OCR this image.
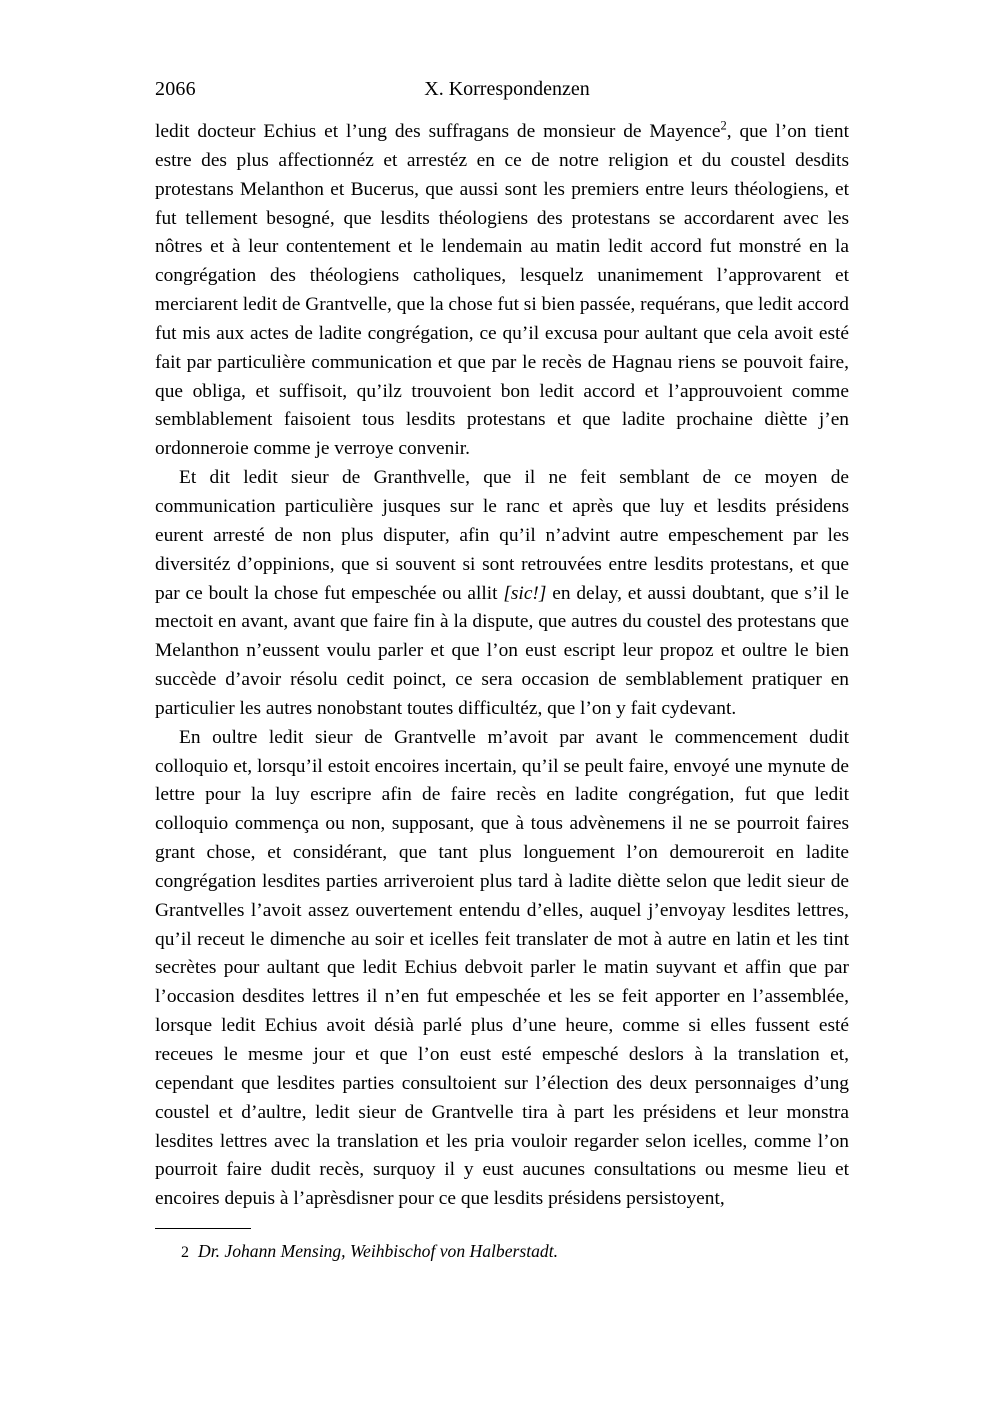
2066	X. Korrespondenzen

ledit docteur Echius et l’ung des suffragans de monsieur de Mayence$^2$, que l’on tient estre des plus affectionnéz et arrestéz en ce de notre religion et du coustel desdits protestans Melanthon et Bucerus, que aussi sont les premiers entre leurs théologiens, et fut tellement besogné, que lesdits théologiens des protestans se accordarent avec les nôtres et à leur contentement et le lendemain au matin ledit accord fut monstré en la congrégation des théologiens catholiques, lesquelz unanimement l’approvarent et merciarent ledit de Grantvelle, que la chose fut si bien passée, requérans, que ledit accord fut mis aux actes de ladite congrégation, ce qu’il excusa pour aultant que cela avoit esté fait par particulière communication et que par le recès de Hagnau riens se pouvoit faire, que obliga, et suffisoit, qu’ilz trouvoient bon ledit accord et l’approuvoient comme semblablement faisoient tous lesdits protestans et que ladite prochaine diètte j’en ordonneroie comme je verroye convenir.

Et dit ledit sieur de Granthvelle, que il ne feit semblant de ce moyen de communication particulière jusques sur le ranc et après que luy et lesdits présidens eurent arresté de non plus disputer, afin qu’il n’advint autre empeschement par les diversitéz d’oppinions, que si souvent si sont retrouvées entre lesdits protestans, et que par ce boult la chose fut empeschée ou allit [sic!] en delay, et aussi doubtant, que s’il le mectoit en avant, avant que faire fin à la dispute, que autres du coustel des protestans que Melanthon n’eussent voulu parler et que l’on eust escript leur propoz et oultre le bien succède d’avoir résolu cedit poinct, ce sera occasion de semblablement pratiquer en particulier les autres nonobstant toutes difficultéz, que l’on y fait cydevant.

En oultre ledit sieur de Grantvelle m’avoit par avant le commencement dudit colloquio et, lorsqu’il estoit encoires incertain, qu’il se peult faire, envoyé une mynute de lettre pour la luy escripre afin de faire recès en ladite congrégation, fut que ledit colloquio commença ou non, supposant, que à tous advènemens il ne se pourroit faires grant chose, et considérant, que tant plus longuement l’on demoureroit en ladite congrégation lesdites parties arriveroient plus tard à ladite diètte selon que ledit sieur de Grantvelles l’avoit assez ouvertement entendu d’elles, auquel j’envoyay lesdites lettres, qu’il receut le dimenche au soir et icelles feit translater de mot à autre en latin et les tint secrètes pour aultant que ledit Echius debvoit parler le matin suyvant et affin que par l’occasion desdites lettres il n’en fut empeschée et les se feit apporter en l’assemblée, lorsque ledit Echius avoit désià parlé plus d’une heure, comme si elles fussent esté receues le mesme jour et que l’on eust esté empesché deslors à la translation et, cependant que lesdites parties consultoient sur l’élection des deux personnaiges d’ung coustel et d’aultre, ledit sieur de Grantvelle tira à part les présidens et leur monstra lesdites lettres avec la translation et les pria vouloir regarder selon icelles, comme l’on pourroit faire dudit recès, surquoy il y eust aucunes consultations ou mesme lieu et encoires depuis à l’aprèsdisner pour ce que lesdits présidens persistoyent,

2 Dr. Johann Mensing, Weihbischof von Halberstadt.
